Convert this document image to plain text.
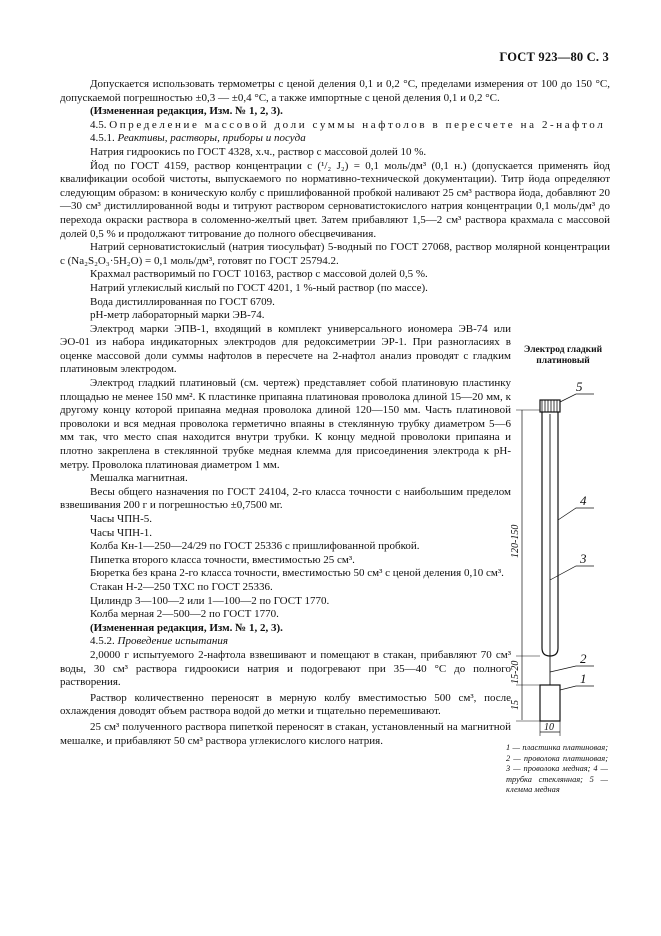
ГОСТ 923—80 С. 3

Допускается использовать термометры с ценой деления 0,1 и 0,2 °С, пределами измерения от 100 до 150 °С, допускаемой погрешностью ±0,3 — ±0,4 °С, а также импортные с ценой деления 0,1 и 0,2 °С.

(Измененная редакция, Изм. № 1, 2, 3).

4.5. Определение массовой доли суммы нафтолов в пересчете на 2-нафтол

4.5.1. Реактивы, растворы, приборы и посуда

Натрия гидроокись по ГОСТ 4328, х.ч., раствор с массовой долей 10 %.

Йод по ГОСТ 4159, раствор концентрации с (¹/₂ J₂) = 0,1 моль/дм³ (0,1 н.) (допускается применять йод квалификации особой чистоты, выпускаемого по нормативно-технической документации). Титр йода определяют следующим образом: в коническую колбу с пришлифованной пробкой наливают 25 см³ раствора йода, добавляют 20—30 см³ дистиллированной воды и титруют раствором серноватистокислого натрия концентрации 0,1 моль/дм³ до перехода окраски раствора в соломенно-желтый цвет. Затем прибавляют 1,5—2 см³ раствора крахмала с массовой долей 0,5 % и продолжают титрование до полного обесцвечивания.

Натрий серноватистокислый (натрия тиосульфат) 5-водный по ГОСТ 27068, раствор молярной концентрации c (Na₂S₂O₃·5H₂O) = 0,1 моль/дм³, готовят по ГОСТ 25794.2.

Крахмал растворимый по ГОСТ 10163, раствор с массовой долей 0,5 %.

Натрий углекислый кислый по ГОСТ 4201, 1 %-ный раствор (по массе).

Вода дистиллированная по ГОСТ 6709.

рН-метр лабораторный марки ЭВ-74.

Электрод марки ЭПВ-1, входящий в комплект универсального иономера ЭВ-74 или ЭО-01 из набора индикаторных электродов для редоксиметрии ЭР-1. При разногласиях в оценке массовой доли суммы нафтолов в пересчете на 2-нафтол анализ проводят с гладким платиновым электродом.

Электрод гладкий платиновый (см. чертеж) представляет собой платиновую пластинку площадью не менее 150 мм². К пластинке припаяна платиновая проволока длиной 15—20 мм, к другому концу которой припаяна медная проволока длиной 120—150 мм. Часть платиновой проволоки и вся медная проволока герметично впаяны в стеклянную трубку диаметром 5—6 мм так, что место спая находится внутри трубки. К концу медной проволоки припаяна и плотно закреплена в стеклянной трубке медная клемма для присоединения электрода к рН-метру. Проволока платиновая диаметром 1 мм.

Мешалка магнитная.

Весы общего назначения по ГОСТ 24104, 2-го класса точности с наибольшим пределом взвешивания 200 г и погрешностью ±0,7500 мг.

Часы ЧПН-5.

Часы ЧПН-1.

Колба Кн-1—250—24/29 по ГОСТ 25336 с пришлифованной пробкой.

Пипетка второго класса точности, вместимостью 25 см³.

Бюретка без крана 2-го класса точности, вместимостью 50 см³ с ценой деления 0,10 см³.

Стакан Н-2—250 ТХС по ГОСТ 25336.

Цилиндр 3—100—2 или 1—100—2 по ГОСТ 1770.

Колба мерная 2—500—2 по ГОСТ 1770.

(Измененная редакция, Изм. № 1, 2, 3).

4.5.2. Проведение испытания

2,0000 г испытуемого 2-нафтола взвешивают и помещают в стакан, прибавляют 70 см³ воды, 30 см³ раствора гидроокиси натрия и подогревают при 35—40 °С до полного растворения.

Раствор количественно переносят в мерную колбу вместимостью 500 см³, после охлаждения доводят объем раствора водой до метки и тщательно перемешивают.

25 см³ полученного раствора пипеткой переносят в стакан, установленный на магнитной мешалке, и прибавляют 50 см³ раствора углекислого кислого натрия.

Электрод гладкий платиновый
5
4
3
2
1
120-150
15-20
15
10
1 — пластинка платиновая; 2 — проволока платиновая; 3 — проволока медная; 4 — трубка стеклянная; 5 — клемма медная
